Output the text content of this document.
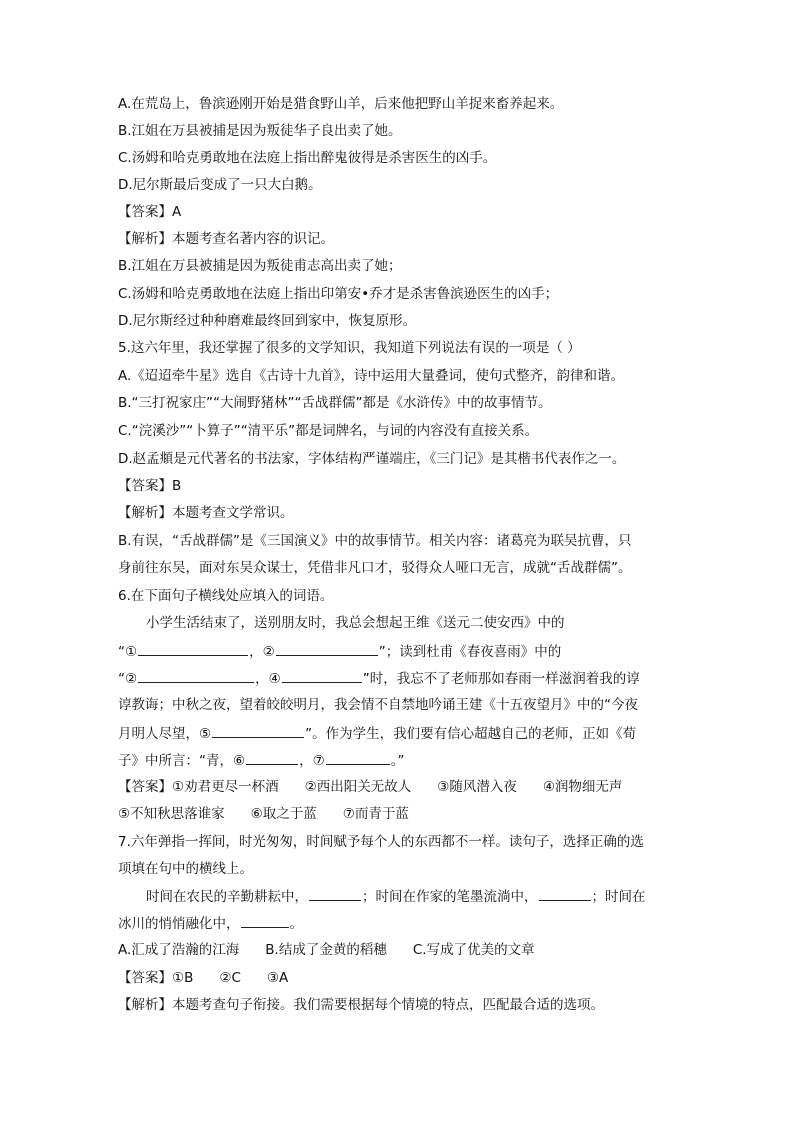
A.在荒岛上，鲁滨逊刚开始是猎食野山羊，后来他把野山羊捉来畜养起来。
B.江姐在万县被捕是因为叛徒华子良出卖了她。
C.汤姆和哈克勇敢地在法庭上指出醉鬼彼得是杀害医生的凶手。
D.尼尔斯最后变成了一只大白鹅。
【答案】A
【解析】本题考查名著内容的识记。
B.江姐在万县被捕是因为叛徒甫志高出卖了她；
C.汤姆和哈克勇敢地在法庭上指出印第安•乔才是杀害鲁滨逊医生的凶手；
D.尼尔斯经过种种磨难最终回到家中，恢复原形。
5.这六年里，我还掌握了很多的文学知识，我知道下列说法有误的一项是（ ）
A.《迢迢牵牛星》选自《古诗十九首》，诗中运用大量叠词，使句式整齐，韵律和谐。
B.“三打祝家庄”“大闹野猪林”“舌战群儒”都是《水浒传》中的故事情节。
C.“浣溪沙”“卜算子”“清平乐”都是词牌名，与词的内容没有直接关系。
D.赵孟頫是元代著名的书法家，字体结构严谨端庄，《三门记》是其楷书代表作之一。
【答案】B
【解析】本题考查文学常识。
B.有误，“舌战群儒”是《三国演义》中的故事情节。相关内容：诸葛亮为联吴抗曹，只
身前往东吴，面对东吴众谋士，凭借非凡口才，驳得众人哑口无言，成就“舌战群儒”。
6.在下面句子横线处应填入的词语。
小学生活结束了，送别朋友时，我总会想起王维《送元二使安西》中的
“①	，②	”；读到杜甫《春夜喜雨》中的
“②	，④	”时，我忘不了老师那如春雨一样滋润着我的谆
谆教诲；中秋之夜，望着皎皎明月，我会情不自禁地吟诵王建《十五夜望月》中的“今夜
月明人尽望，⑤	”。作为学生，我们要有信心超越自己的老师，正如《荀
子》中所言：“青，⑥	，⑦	。”
【答案】①劝君更尽一杯酒 ②西出阳关无故人 ③随风潜入夜 ④润物细无声
⑤不知秋思落谁家 ⑥取之于蓝 ⑦而青于蓝
7.六年弹指一挥间，时光匆匆，时间赋予每个人的东西都不一样。读句子，选择正确的选
项填在句中的横线上。
时间在农民的辛勤耕耘中，	；时间在作家的笔墨流淌中，	；时间在
冰川的悄悄融化中，	。
A.汇成了浩瀚的江海 B.结成了金黄的稻穗 C.写成了优美的文章
【答案】①B ②C ③A
【解析】本题考查句子衔接。我们需要根据每个情境的特点，匹配最合适的选项。
